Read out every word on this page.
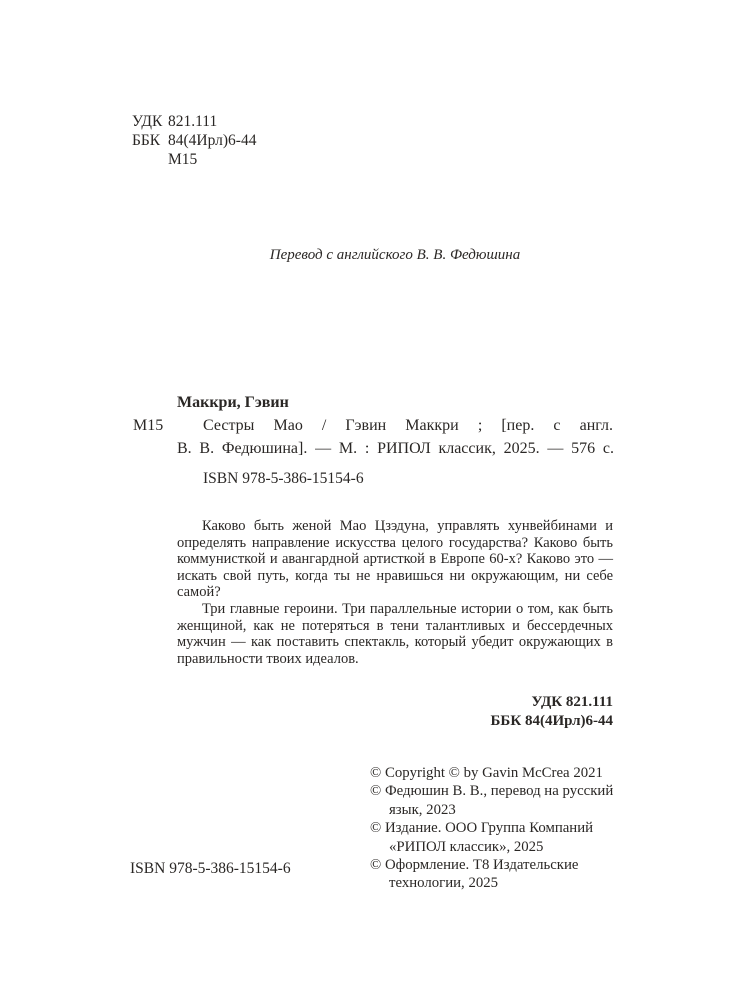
УДК 821.111
ББК 84(4Ирл)6-44
М15
Перевод с английского В. В. Федюшина
Маккри, Гэвин
М15 Сестры Мао / Гэвин Маккри ; [пер. с англ.
В. В. Федюшина]. — М. : РИПОЛ классик, 2025. — 576 с.
ISBN 978-5-386-15154-6

Каково быть женой Мао Цзэдуна, управлять хунвейбинами и определять направление искусства целого государства? Каково быть коммунисткой и авангардной артисткой в Европе 60-х? Каково это — искать свой путь, когда ты не нравишься ни окружающим, ни себе самой?

Три главные героини. Три параллельные истории о том, как быть женщиной, как не потеряться в тени талантливых и бессердечных мужчин — как поставить спектакль, который убедит окружающих в правильности твоих идеалов.

УДК 821.111
ББК 84(4Ирл)6-44
© Copyright © by Gavin McCrea 2021
© Федюшин В. В., перевод на русский язык, 2023
© Издание. ООО Группа Компаний «РИПОЛ классик», 2025
© Оформление. Т8 Издательские технологии, 2025
ISBN 978-5-386-15154-6
